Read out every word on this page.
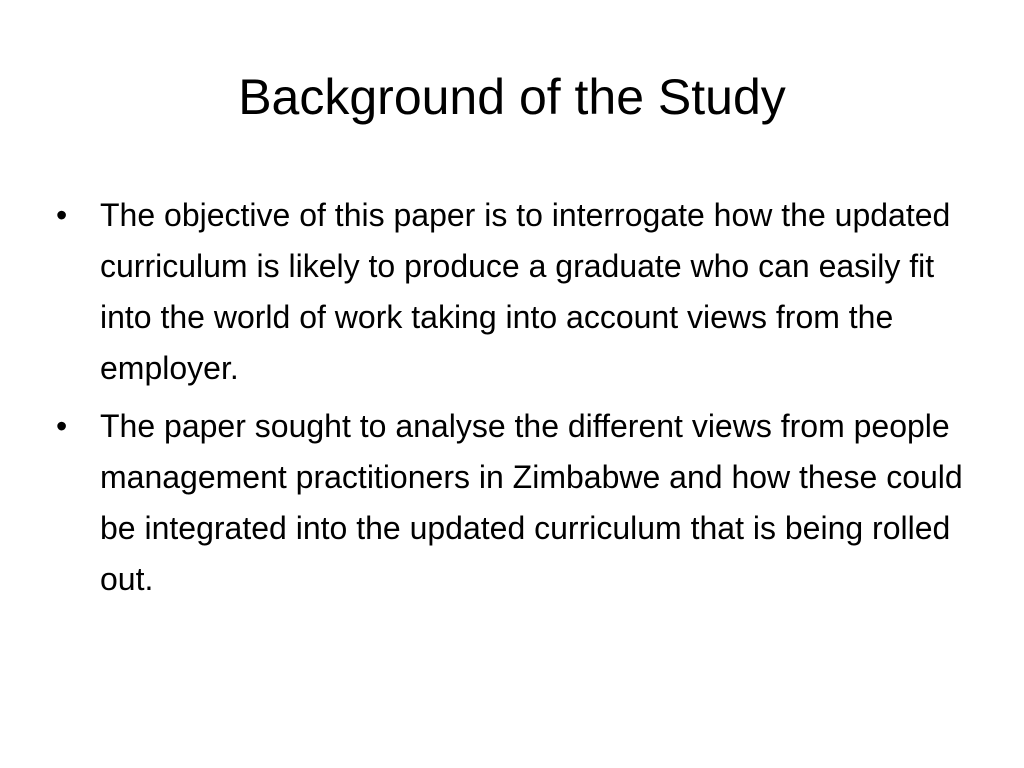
Background of the Study
•	The objective of this paper is to interrogate how the updated curriculum is likely to produce a graduate who can easily fit into the world of work taking into account views from the employer.
•	The paper sought to analyse the different views from people management practitioners in Zimbabwe and how these could be integrated into the updated curriculum that is being rolled out.
